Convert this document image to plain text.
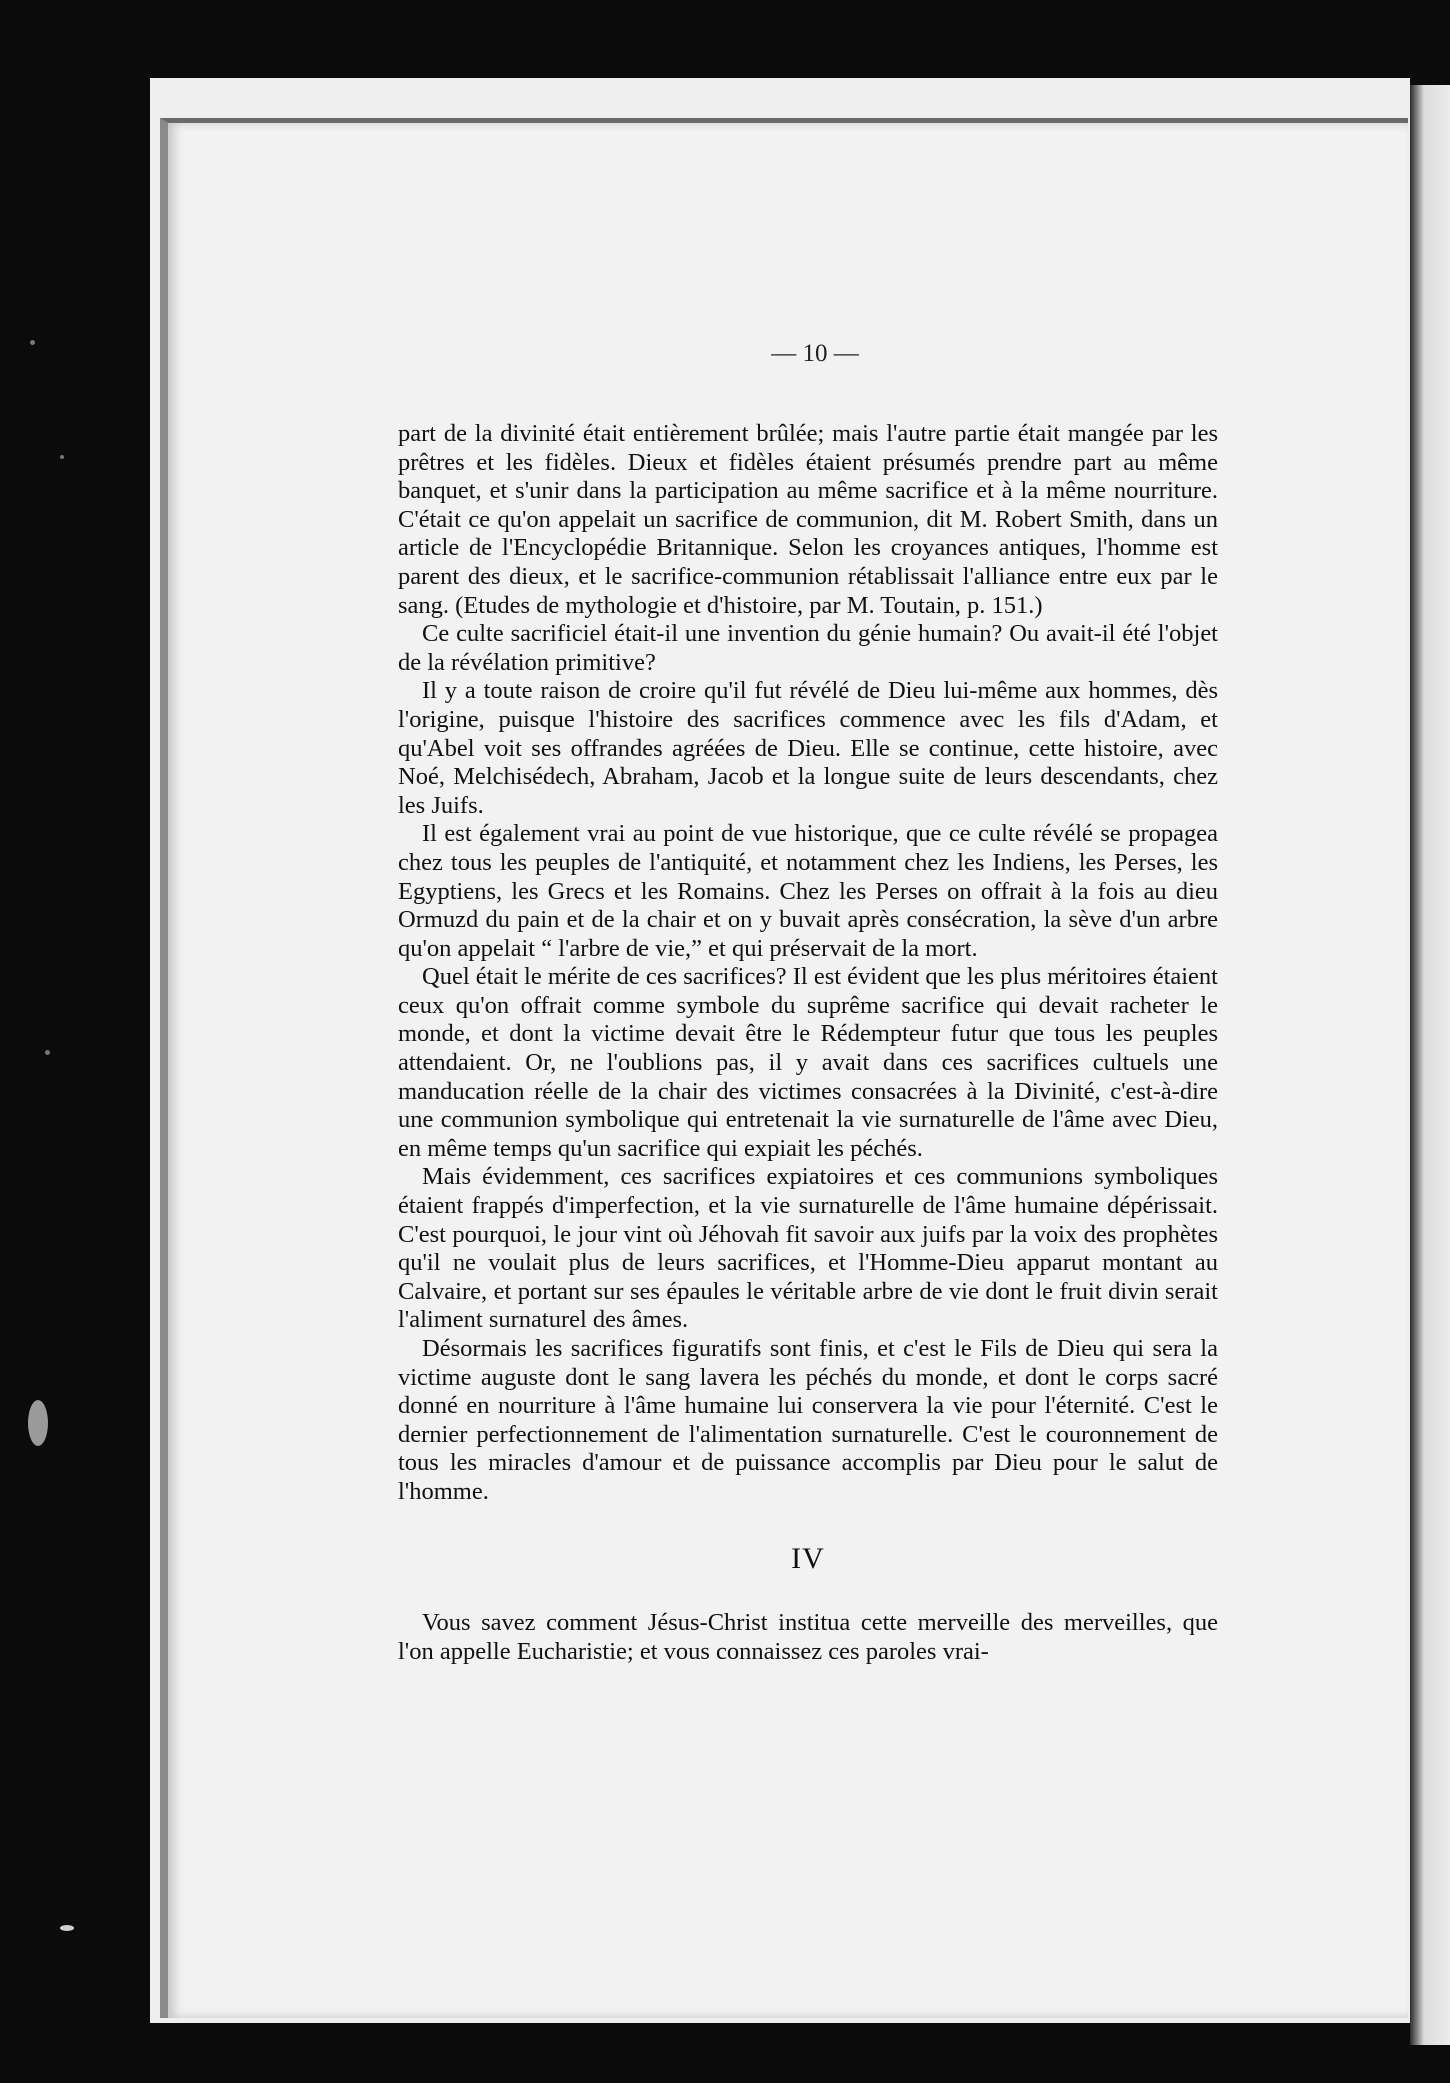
— 10 —

part de la divinité était entièrement brûlée; mais l'autre partie était mangée par les prêtres et les fidèles. Dieux et fidèles étaient présumés prendre part au même banquet, et s'unir dans la participation au même sacrifice et à la même nourriture. C'était ce qu'on appelait un sacrifice de communion, dit M. Robert Smith, dans un article de l'Encyclopédie Britannique. Selon les croyances antiques, l'homme est parent des dieux, et le sacrifice-communion rétablissait l'alliance entre eux par le sang. (Etudes de mythologie et d'histoire, par M. Toutain, p. 151.)

Ce culte sacrificiel était-il une invention du génie humain? Ou avait-il été l'objet de la révélation primitive?

Il y a toute raison de croire qu'il fut révélé de Dieu lui-même aux hommes, dès l'origine, puisque l'histoire des sacrifices commence avec les fils d'Adam, et qu'Abel voit ses offrandes agréées de Dieu. Elle se continue, cette histoire, avec Noé, Melchisédech, Abraham, Jacob et la longue suite de leurs descendants, chez les Juifs.

Il est également vrai au point de vue historique, que ce culte révélé se propagea chez tous les peuples de l'antiquité, et notamment chez les Indiens, les Perses, les Egyptiens, les Grecs et les Romains. Chez les Perses on offrait à la fois au dieu Ormuzd du pain et de la chair et on y buvait après consécration, la sève d'un arbre qu'on appelait “ l'arbre de vie,” et qui préservait de la mort.

Quel était le mérite de ces sacrifices? Il est évident que les plus méritoires étaient ceux qu'on offrait comme symbole du suprême sacrifice qui devait racheter le monde, et dont la victime devait être le Rédempteur futur que tous les peuples attendaient. Or, ne l'oublions pas, il y avait dans ces sacrifices cultuels une manducation réelle de la chair des victimes consacrées à la Divinité, c'est-à-dire une communion symbolique qui entretenait la vie surnaturelle de l'âme avec Dieu, en même temps qu'un sacrifice qui expiait les péchés.

Mais évidemment, ces sacrifices expiatoires et ces communions symboliques étaient frappés d'imperfection, et la vie surnaturelle de l'âme humaine dépérissait. C'est pourquoi, le jour vint où Jéhovah fit savoir aux juifs par la voix des prophètes qu'il ne voulait plus de leurs sacrifices, et l'Homme-Dieu apparut montant au Calvaire, et portant sur ses épaules le véritable arbre de vie dont le fruit divin serait l'aliment surnaturel des âmes.

Désormais les sacrifices figuratifs sont finis, et c'est le Fils de Dieu qui sera la victime auguste dont le sang lavera les péchés du monde, et dont le corps sacré donné en nourriture à l'âme humaine lui conservera la vie pour l'éternité. C'est le dernier perfectionnement de l'alimentation surnaturelle. C'est le couronnement de tous les miracles d'amour et de puissance accomplis par Dieu pour le salut de l'homme.

IV

Vous savez comment Jésus-Christ institua cette merveille des merveilles, que l'on appelle Eucharistie; et vous connaissez ces paroles vrai-
